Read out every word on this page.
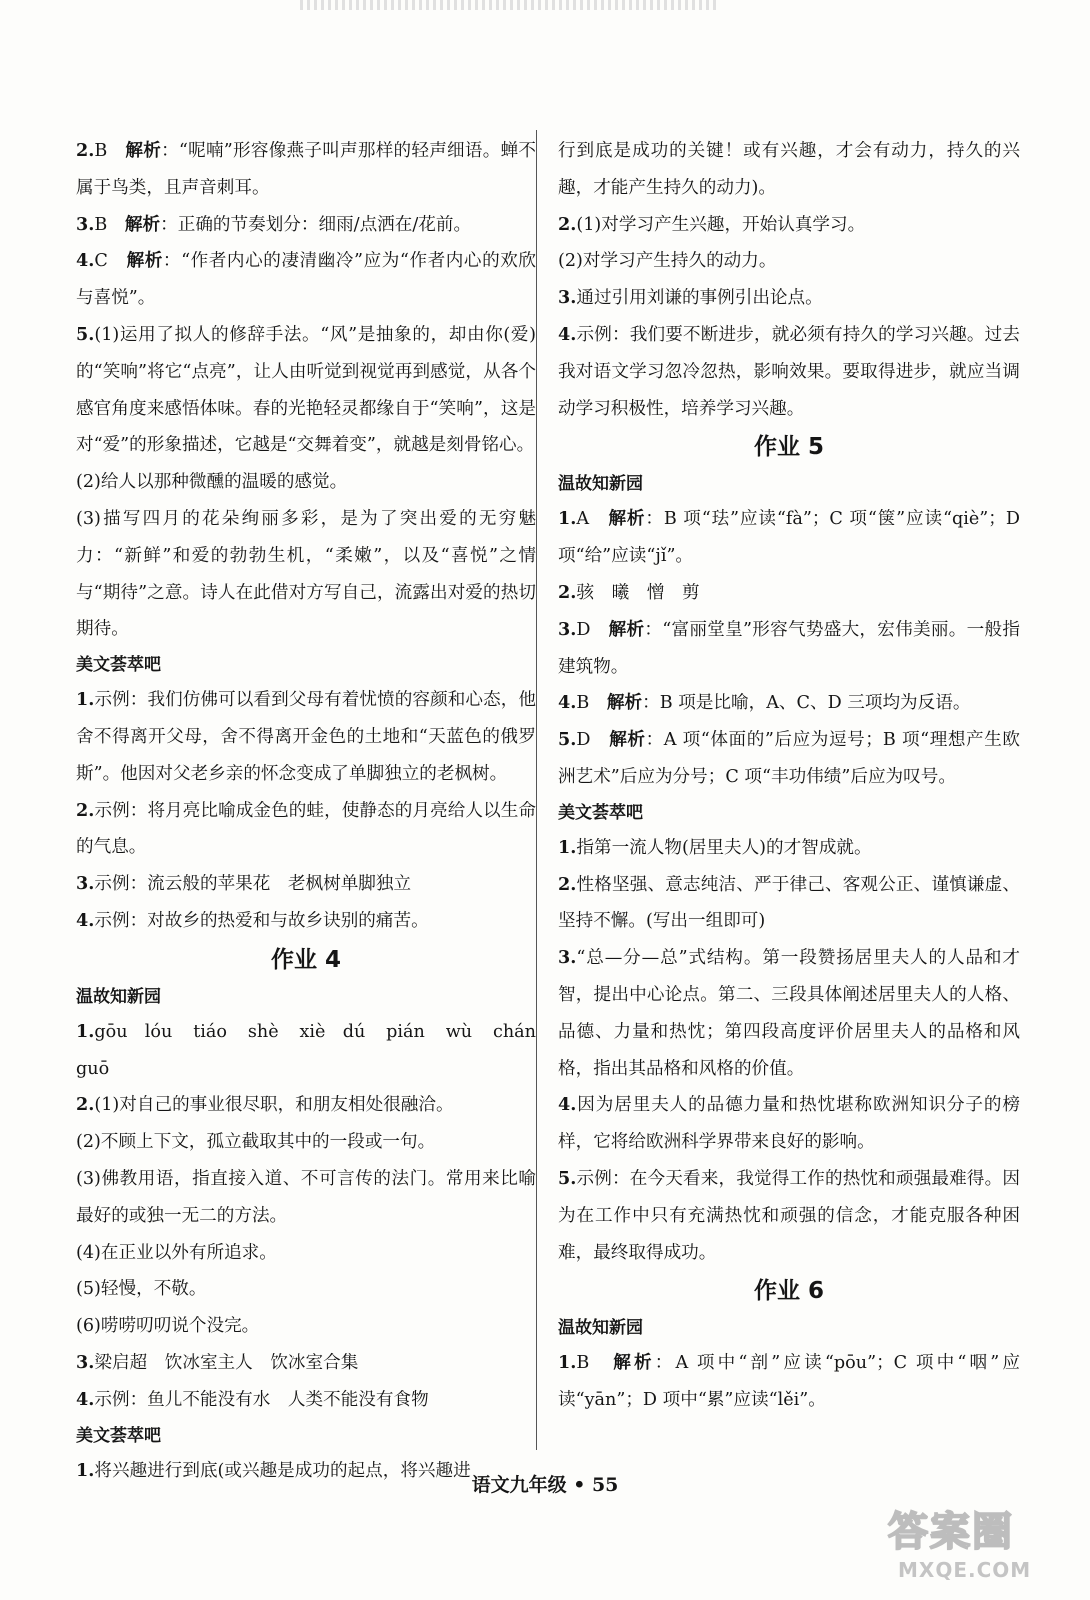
2.B　 解析：“呢喃”形容像燕子叫声那样的轻声细语。蝉不属于鸟类，且声音刺耳。

3.B　 解析：正确的节奏划分：细雨/点洒在/花前。

4.C　 解析：“作者内心的凄清幽冷”应为“作者内心的欢欣与喜悦”。

5.(1)运用了拟人的修辞手法。“风”是抽象的，却由你(爱)的“笑响”将它“点亮”，让人由听觉到视觉再到感觉，从各个感官角度来感悟体味。春的光艳轻灵都缘自于“笑响”，这是对“爱”的形象描述，它越是“交舞着变”，就越是刻骨铭心。

(2)给人以那种微醺的温暖的感觉。

(3)描写四月的花朵绚丽多彩，是为了突出爱的无穷魅力：“新鲜”和爱的勃勃生机，“柔嫩”，以及“喜悦”之情与“期待”之意。诗人在此借对方写自己，流露出对爱的热切期待。

美文荟萃吧

1.示例：我们仿佛可以看到父母有着忧愤的容颜和心态，他舍不得离开父母，舍不得离开金色的土地和“天蓝色的俄罗斯”。他因对父老乡亲的怀念变成了单脚独立的老枫树。

2.示例：将月亮比喻成金色的蛙，使静态的月亮给人以生命的气息。

3.示例：流云般的苹果花　老枫树单脚独立

4.示例：对故乡的热爱和与故乡诀别的痛苦。

作业 4

温故知新园

1.gōu lóu　tiáo　shè　xiè dú　pián　wù　chán　guō

2.(1)对自己的事业很尽职，和朋友相处很融洽。

(2)不顾上下文，孤立截取其中的一段或一句。

(3)佛教用语，指直接入道、不可言传的法门。常用来比喻最好的或独一无二的方法。

(4)在正业以外有所追求。

(5)轻慢，不敬。

(6)唠唠叨叨说个没完。

3.梁启超　饮冰室主人　饮冰室合集

4.示例：鱼儿不能没有水　人类不能没有食物

美文荟萃吧

1.将兴趣进行到底(或兴趣是成功的起点，将兴趣进

行到底是成功的关键！或有兴趣，才会有动力，持久的兴趣，才能产生持久的动力)。

2.(1)对学习产生兴趣，开始认真学习。

(2)对学习产生持久的动力。

3.通过引用刘谦的事例引出论点。

4.示例：我们要不断进步，就必须有持久的学习兴趣。过去我对语文学习忽冷忽热，影响效果。要取得进步，就应当调动学习积极性，培养学习兴趣。

作业 5

温故知新园

1.A　 解析：B 项“珐”应读“fà”；C 项“箧”应读“qiè”；D 项“给”应读“jǐ”。

2.骇　曦　憎　剪

3.D　 解析：“富丽堂皇”形容气势盛大，宏伟美丽。一般指建筑物。

4.B　 解析：B 项是比喻，A、C、D 三项均为反语。

5.D　 解析：A 项“体面的”后应为逗号；B 项“理想产生欧洲艺术”后应为分号；C 项“丰功伟绩”后应为叹号。

美文荟萃吧

1.指第一流人物(居里夫人)的才智成就。

2.性格坚强、意志纯洁、严于律己、客观公正、谨慎谦虚、坚持不懈。(写出一组即可)

3.“总—分—总”式结构。第一段赞扬居里夫人的人品和才智，提出中心论点。第二、三段具体阐述居里夫人的人格、品德、力量和热忱；第四段高度评价居里夫人的品格和风格，指出其品格和风格的价值。

4.因为居里夫人的品德力量和热忱堪称欧洲知识分子的榜样，它将给欧洲科学界带来良好的影响。

5.示例：在今天看来，我觉得工作的热忱和顽强最难得。因为在工作中只有充满热忱和顽强的信念，才能克服各种困难，最终取得成功。

作业 6

温故知新园

1.B　 解析：A 项中“剖”应读“pōu”；C 项中“咽”应读“yān”；D 项中“累”应读“lěi”。

语文九年级 • 55
答案圈
MXQE.COM
